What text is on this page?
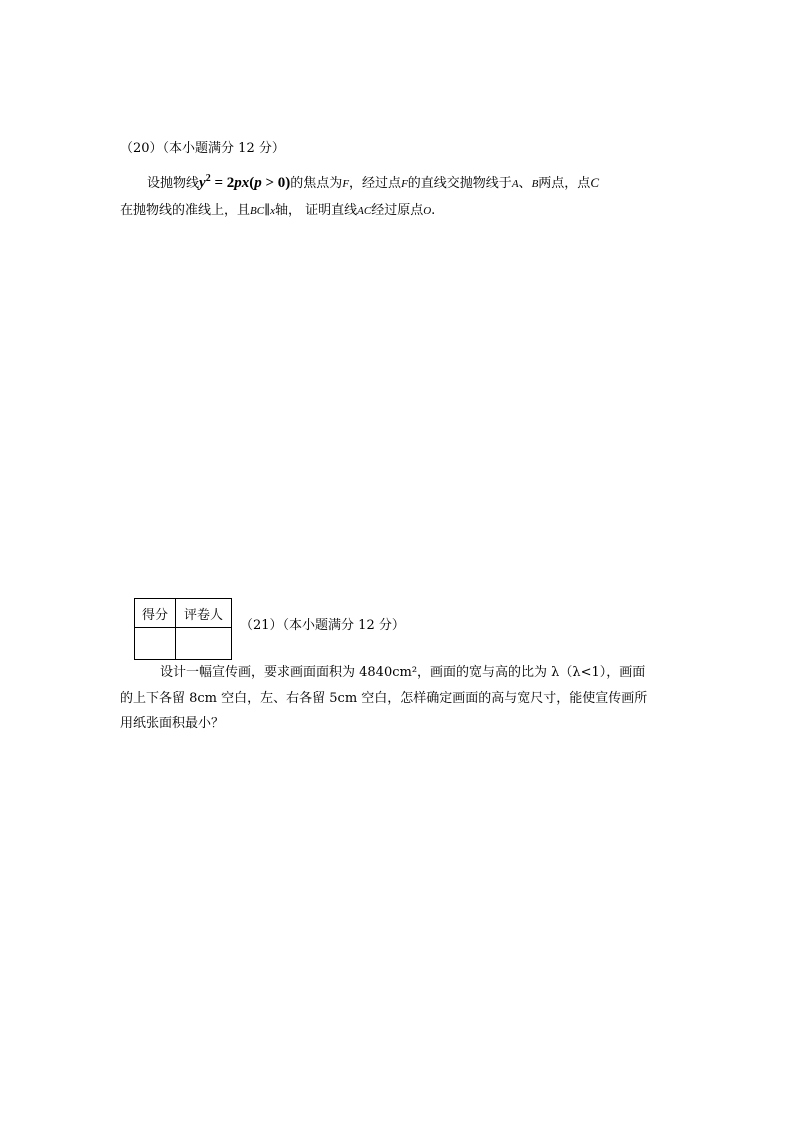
（20）（本小题满分 12 分）
设抛物线$y^2 = 2px(p > 0)$的焦点为F，经过点F的直线交抛物线于A、B两点，点C
在抛物线的准线上，且BC∥x轴， 证明直线AC经过原点O.
得分	评卷人

（21）（本小题满分 12 分）
设计一幅宣传画，要求画面面积为 4840cm²，画面的宽与高的比为 λ（λ<1），画面
的上下各留 8cm 空白，左、右各留 5cm 空白，怎样确定画面的高与宽尺寸，能使宣传画所
用纸张面积最小？
